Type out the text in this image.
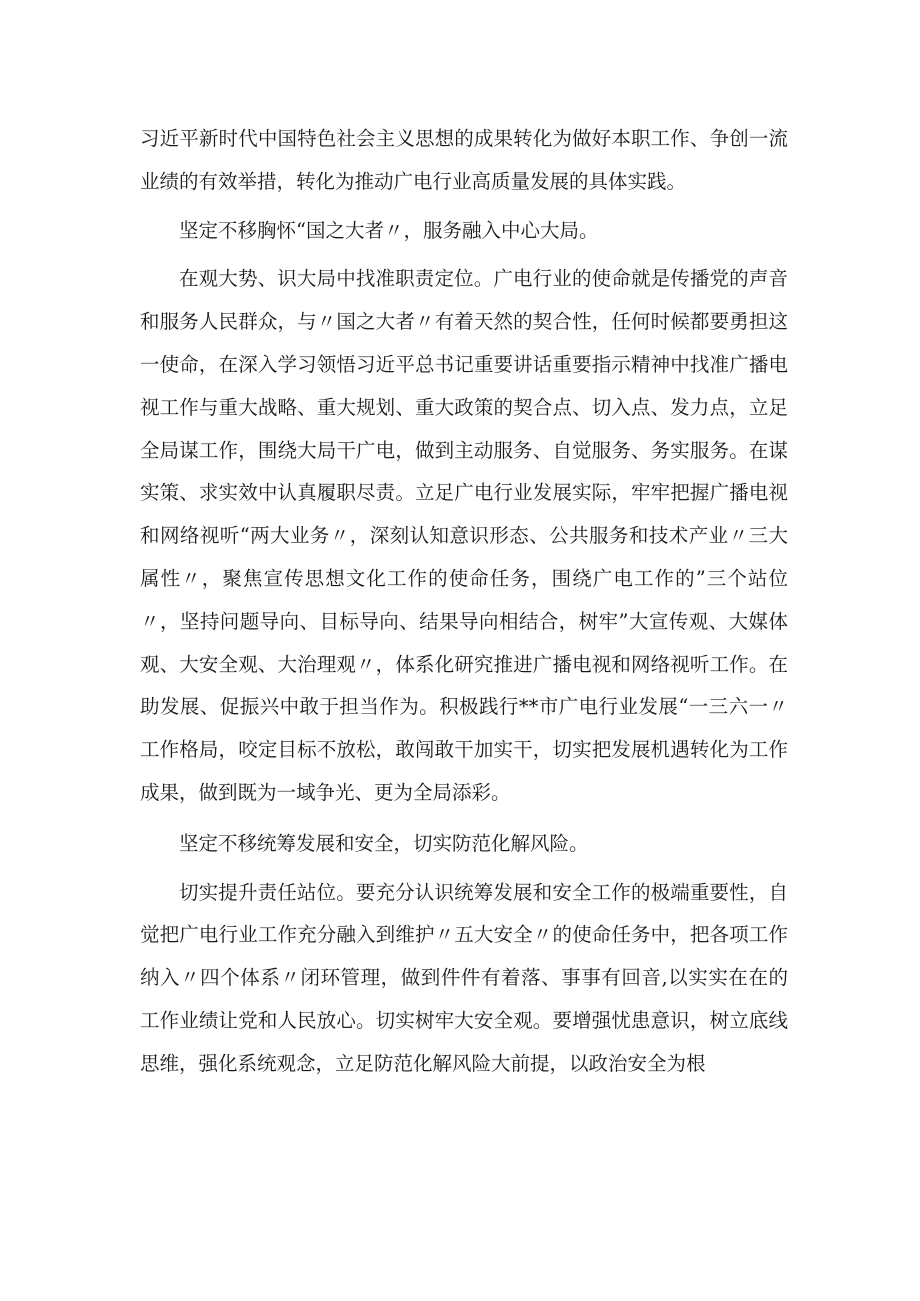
习近平新时代中国特色社会主义思想的成果转化为做好本职工作、争创一流业绩的有效举措，转化为推动广电行业高质量发展的具体实践。

坚定不移胸怀“国之大者〃，服务融入中心大局。

在观大势、识大局中找准职责定位。广电行业的使命就是传播党的声音和服务人民群众，与〃国之大者〃有着天然的契合性，任何时候都要勇担这一使命，在深入学习领悟习近平总书记重要讲话重要指示精神中找准广播电视工作与重大战略、重大规划、重大政策的契合点、切入点、发力点，立足全局谋工作，围绕大局干广电，做到主动服务、自觉服务、务实服务。在谋实策、求实效中认真履职尽责。立足广电行业发展实际，牢牢把握广播电视和网络视听“两大业务〃，深刻认知意识形态、公共服务和技术产业〃三大属性〃，聚焦宣传思想文化工作的使命任务，围绕广电工作的”三个站位〃，坚持问题导向、目标导向、结果导向相结合，树牢”大宣传观、大媒体观、大安全观、大治理观〃，体系化研究推进广播电视和网络视听工作。在助发展、促振兴中敢于担当作为。积极践行**市广电行业发展“一三六一〃工作格局，咬定目标不放松，敢闯敢干加实干，切实把发展机遇转化为工作成果，做到既为一域争光、更为全局添彩。

坚定不移统筹发展和安全，切实防范化解风险。

切实提升责任站位。要充分认识统筹发展和安全工作的极端重要性，自觉把广电行业工作充分融入到维护〃五大安全〃的使命任务中，把各项工作纳入〃四个体系〃闭环管理，做到件件有着落、事事有回音,以实实在在的工作业绩让党和人民放心。切实树牢大安全观。要增强忧患意识，树立底线思维，强化系统观念，立足防范化解风险大前提，以政治安全为根
